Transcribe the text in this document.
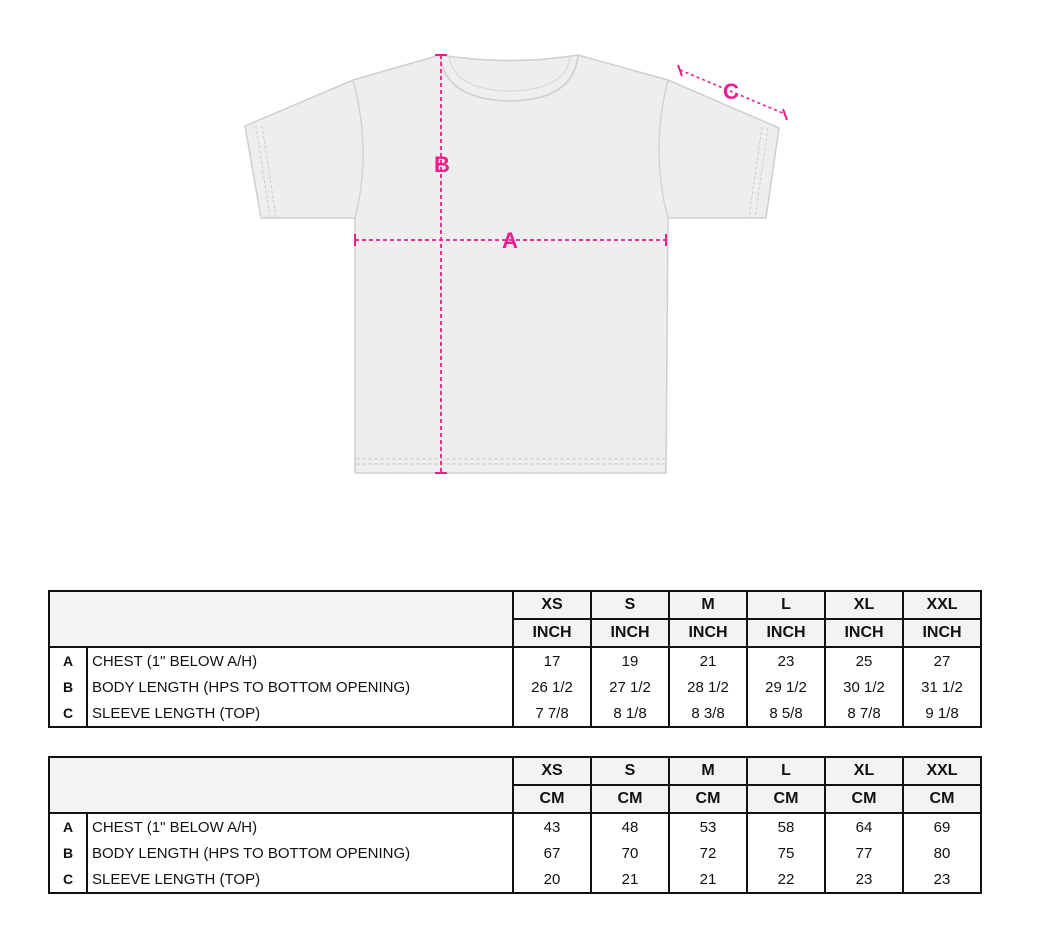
A
B
C
		XS	S	M	L	XL	XXL
		INCH	INCH	INCH	INCH	INCH	INCH
A	CHEST (1" BELOW A/H)	17	19	21	23	25	27
B	BODY LENGTH (HPS TO BOTTOM OPENING)	26 1/2	27 1/2	28 1/2	29 1/2	30 1/2	31 1/2
C	SLEEVE LENGTH (TOP)	7 7/8	8 1/8	8 3/8	8 5/8	8 7/8	9 1/8
		XS	S	M	L	XL	XXL
		CM	CM	CM	CM	CM	CM
A	CHEST (1" BELOW A/H)	43	48	53	58	64	69
B	BODY LENGTH (HPS TO BOTTOM OPENING)	67	70	72	75	77	80
C	SLEEVE LENGTH (TOP)	20	21	21	22	23	23
